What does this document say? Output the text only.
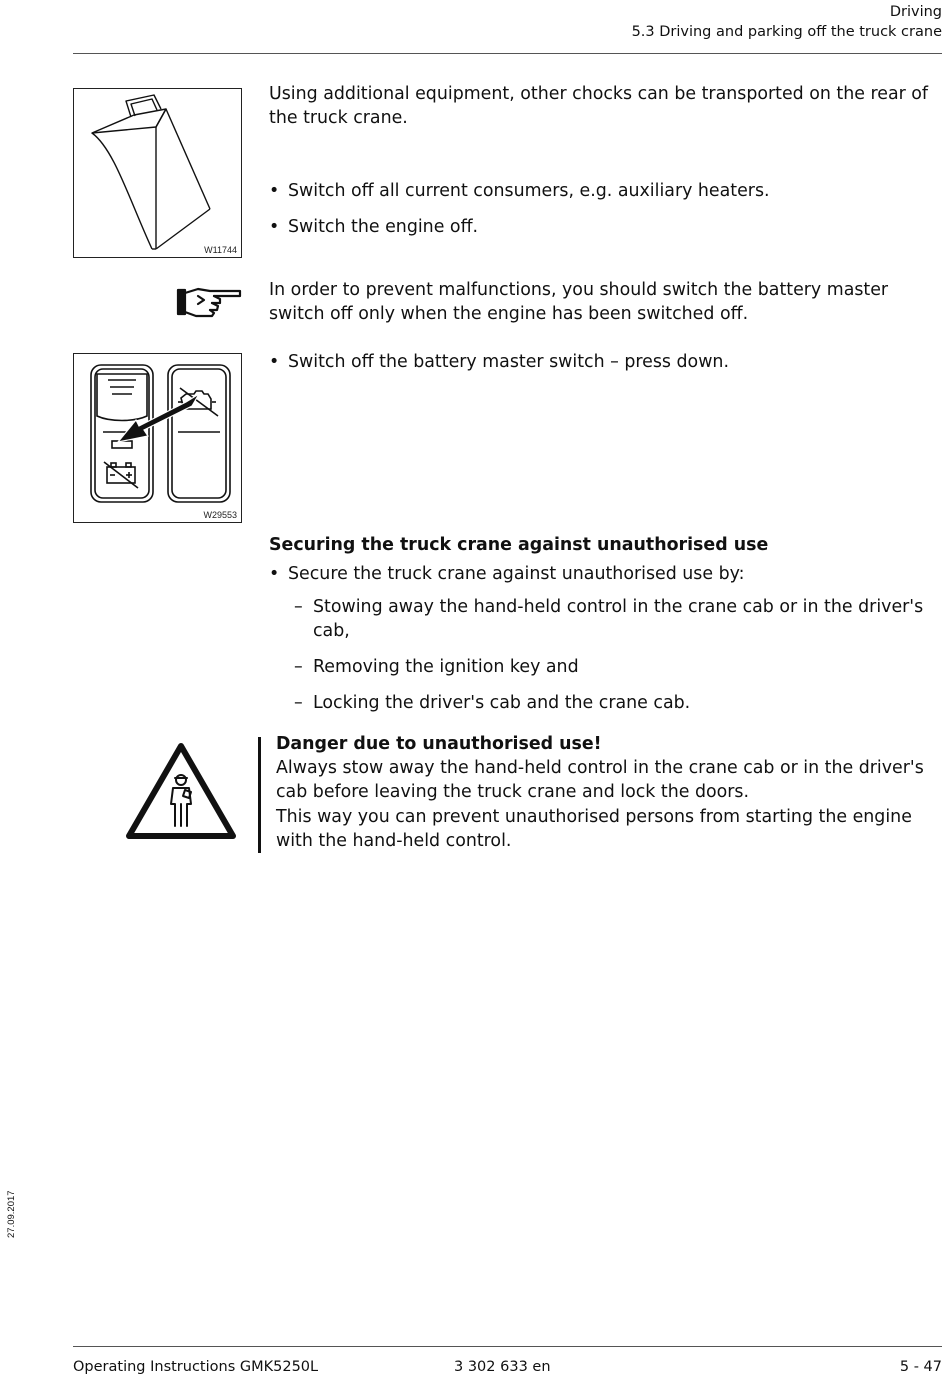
Driving
5.3 Driving and parking off the truck crane
W11744
Using additional equipment, other chocks can be transported on the rear of the truck crane.
• Switch off all current consumers, e.g. auxiliary heaters.
• Switch the engine off.
In order to prevent malfunctions, you should switch the battery master switch off only when the engine has been switched off.
W29553
• Switch off the battery master switch – press down.
Securing the truck crane against unauthorised use
• Secure the truck crane against unauthorised use by:
– Stowing away the hand-held control in the crane cab or in the driver's cab,
– Removing the ignition key and
– Locking the driver's cab and the crane cab.
Danger due to unauthorised use!
Always stow away the hand-held control in the crane cab or in the driver's cab before leaving the truck crane and lock the doors.
This way you can prevent unauthorised persons from starting the engine with the hand-held control.
27.09.2017
Operating Instructions GMK5250L	3 302 633 en	5 - 47
